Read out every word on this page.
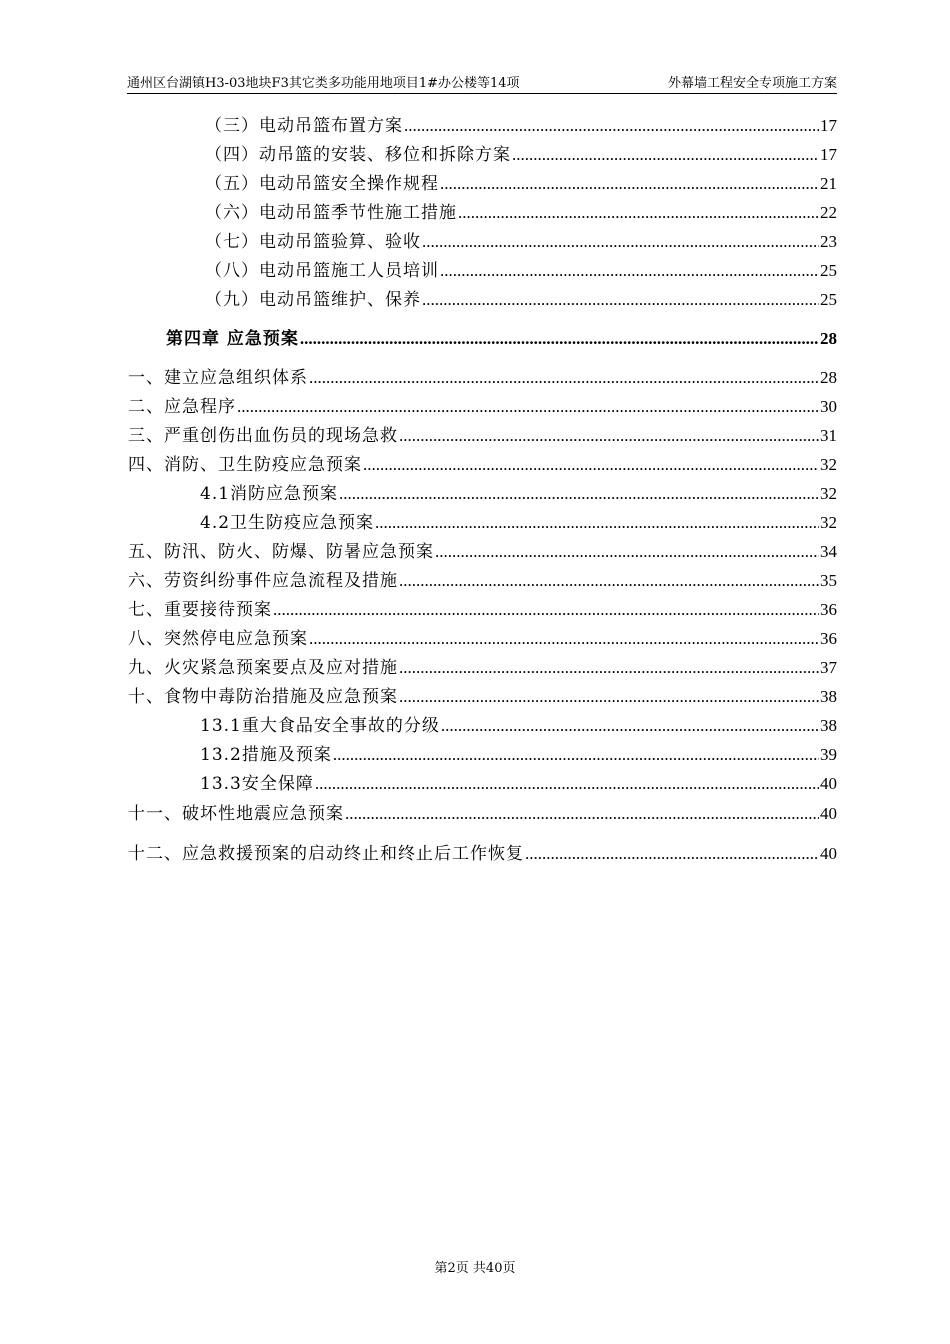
通州区台湖镇H3-03地块F3其它类多功能用地项目1#办公楼等14项	外幕墙工程安全专项施工方案
（三）电动吊篮布置方案 .....	17
（四）动吊篮的安装、移位和拆除方案 .....	17
（五）电动吊篮安全操作规程 .....	21
（六）电动吊篮季节性施工措施 .....	22
（七）电动吊篮验算、验收 .....	23
（八）电动吊篮施工人员培训 .....	25
（九）电动吊篮维护、保养 .....	25
第四章 应急预案 .....	28
一、建立应急组织体系 .....	28
二、应急程序 .....	30
三、严重创伤出血伤员的现场急救 .....	31
四、消防、卫生防疫应急预案 .....	32
4.1消防应急预案 .....	32
4.2卫生防疫应急预案 .....	32
五、防汛、防火、防爆、防暑应急预案 .....	34
六、劳资纠纷事件应急流程及措施 .....	35
七、重要接待预案 .....	36
八、突然停电应急预案 .....	36
九、火灾紧急预案要点及应对措施 .....	37
十、食物中毒防治措施及应急预案 .....	38
13.1重大食品安全事故的分级 .....	38
13.2措施及预案 .....	39
13.3安全保障 .....	40
十一、破坏性地震应急预案 .....	40
十二、应急救援预案的启动终止和终止后工作恢复 .....	40
第2页 共40页
